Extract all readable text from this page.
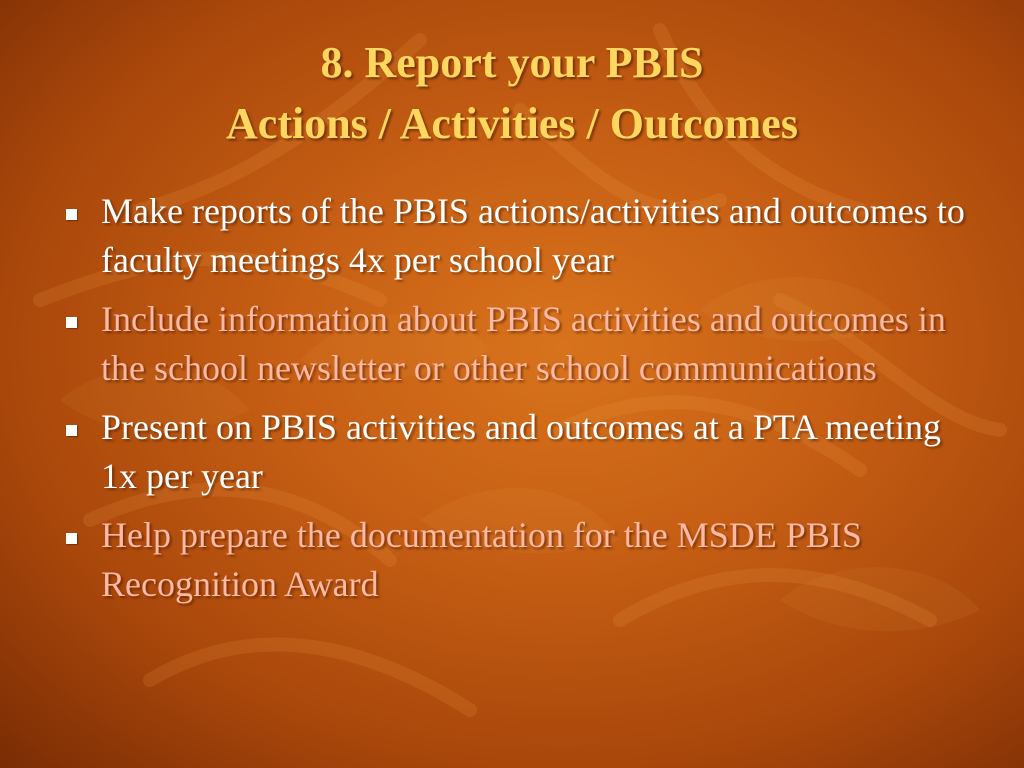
8. Report your PBIS
Actions / Activities / Outcomes
Make reports of the PBIS actions/activities and outcomes to faculty meetings 4x per school year
Include information about PBIS activities and outcomes in the school newsletter or other school communications
Present on PBIS activities and outcomes at a PTA meeting 1x per year
Help prepare the documentation for the MSDE PBIS Recognition Award
